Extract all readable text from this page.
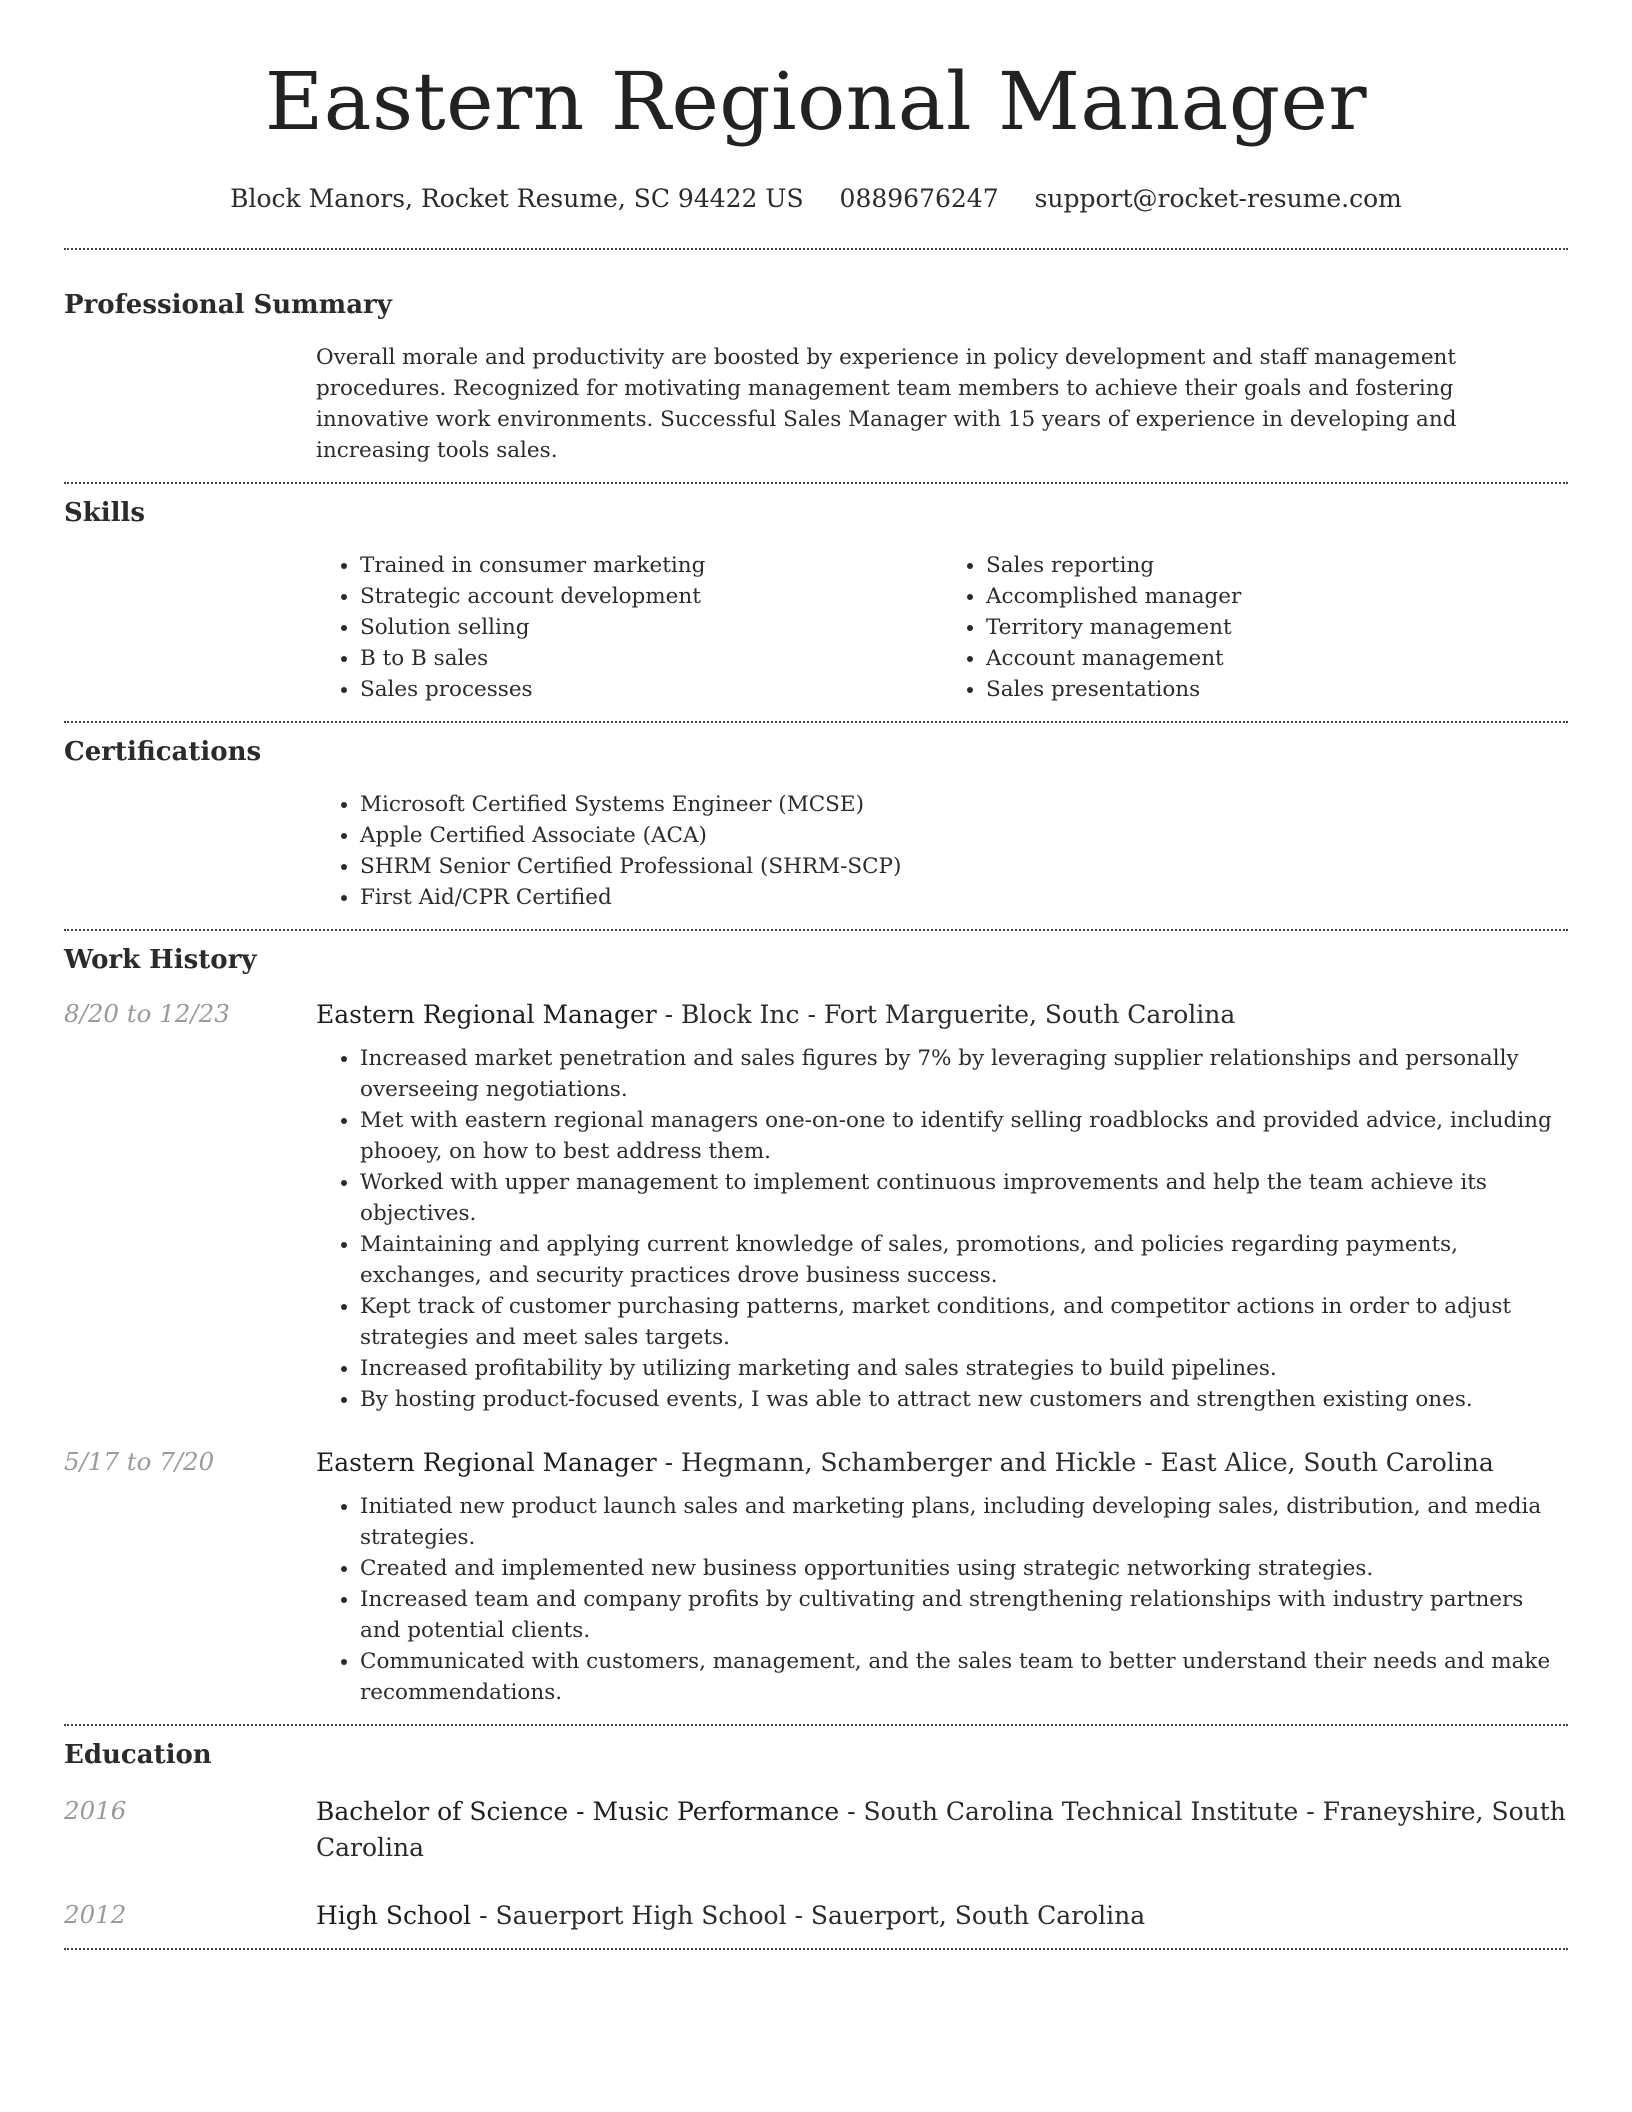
Eastern Regional Manager
Block Manors, Rocket Resume, SC 94422 US 0889676247 support@rocket-resume.com
Professional Summary
Overall morale and productivity are boosted by experience in policy development and staff management procedures. Recognized for motivating management team members to achieve their goals and fostering innovative work environments. Successful Sales Manager with 15 years of experience in developing and increasing tools sales.
Skills
• Trained in consumer marketing
• Strategic account development
• Solution selling
• B to B sales
• Sales processes
• Sales reporting
• Accomplished manager
• Territory management
• Account management
• Sales presentations
Certifications
• Microsoft Certified Systems Engineer (MCSE)
• Apple Certified Associate (ACA)
• SHRM Senior Certified Professional (SHRM-SCP)
• First Aid/CPR Certified
Work History
8/20 to 12/23	Eastern Regional Manager - Block Inc - Fort Marguerite, South Carolina
• Increased market penetration and sales figures by 7% by leveraging supplier relationships and personally overseeing negotiations.
• Met with eastern regional managers one-on-one to identify selling roadblocks and provided advice, including phooey, on how to best address them.
• Worked with upper management to implement continuous improvements and help the team achieve its objectives.
• Maintaining and applying current knowledge of sales, promotions, and policies regarding payments, exchanges, and security practices drove business success.
• Kept track of customer purchasing patterns, market conditions, and competitor actions in order to adjust strategies and meet sales targets.
• Increased profitability by utilizing marketing and sales strategies to build pipelines.
• By hosting product-focused events, I was able to attract new customers and strengthen existing ones.
5/17 to 7/20	Eastern Regional Manager - Hegmann, Schamberger and Hickle - East Alice, South Carolina
• Initiated new product launch sales and marketing plans, including developing sales, distribution, and media strategies.
• Created and implemented new business opportunities using strategic networking strategies.
• Increased team and company profits by cultivating and strengthening relationships with industry partners and potential clients.
• Communicated with customers, management, and the sales team to better understand their needs and make recommendations.
Education
2016	Bachelor of Science - Music Performance - South Carolina Technical Institute - Franeyshire, South Carolina
2012	High School - Sauerport High School - Sauerport, South Carolina
